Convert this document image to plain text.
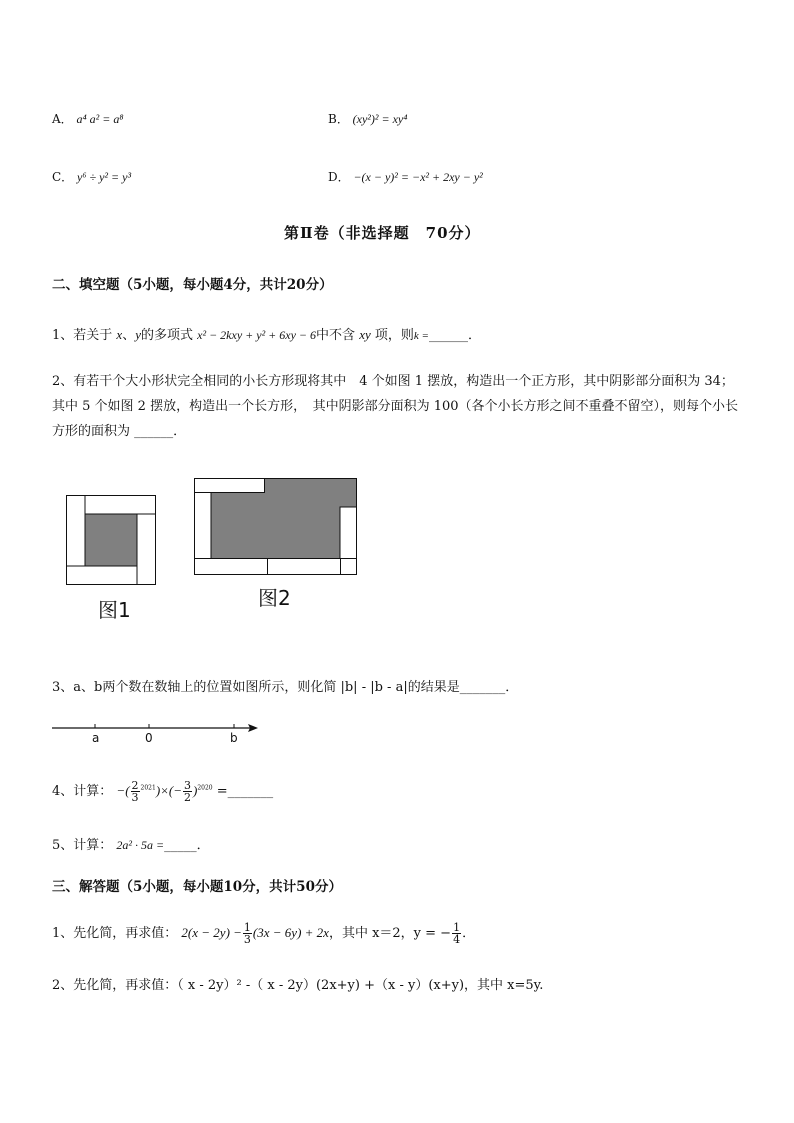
A． a⁴ a² = a⁸	B． (xy²)² = xy⁴
C． y⁶ ÷ y² = y³	D． −(x − y)² = −x² + 2xy − y²
第Ⅱ卷（非选择题　70分）
二、填空题（5小题，每小题4分，共计20分）
1、若关于 x、y的多项式 x² − 2kxy + y² + 6xy − 6中不含 xy 项，则k =______．
2、有若干个大小形状完全相同的小长方形现将其中　4 个如图 1 摆放，构造出一个正方形，其中阴影部分面积为 34；其中 5 个如图 2 摆放，构造出一个长方形，　其中阴影部分面积为 100（各个小长方形之间不重叠不留空），则每个小长方形的面积为 ______．
图1	图2
3、a、b两个数在数轴上的位置如图所示，则化简 |b| - |b - a|的结果是_______．
a	0	b
4、计算： −( $\frac{2}{3} ^{2021})\times(- \frac{3}{2} )^{2020}$ =_______
5、计算： 2a² · 5a =_____．
三、解答题（5小题，每小题10分，共计50分）
1、先化简，再求值： $2(x - 2y) - \frac{1}{3} (3x - 6y) + 2x$，其中 x＝2，y = − $\frac{1}{4}$ ．
2、先化简，再求值：（ x - 2y）² -（ x - 2y）(2x+y) +（x - y）(x+y)，其中 x=5y.
